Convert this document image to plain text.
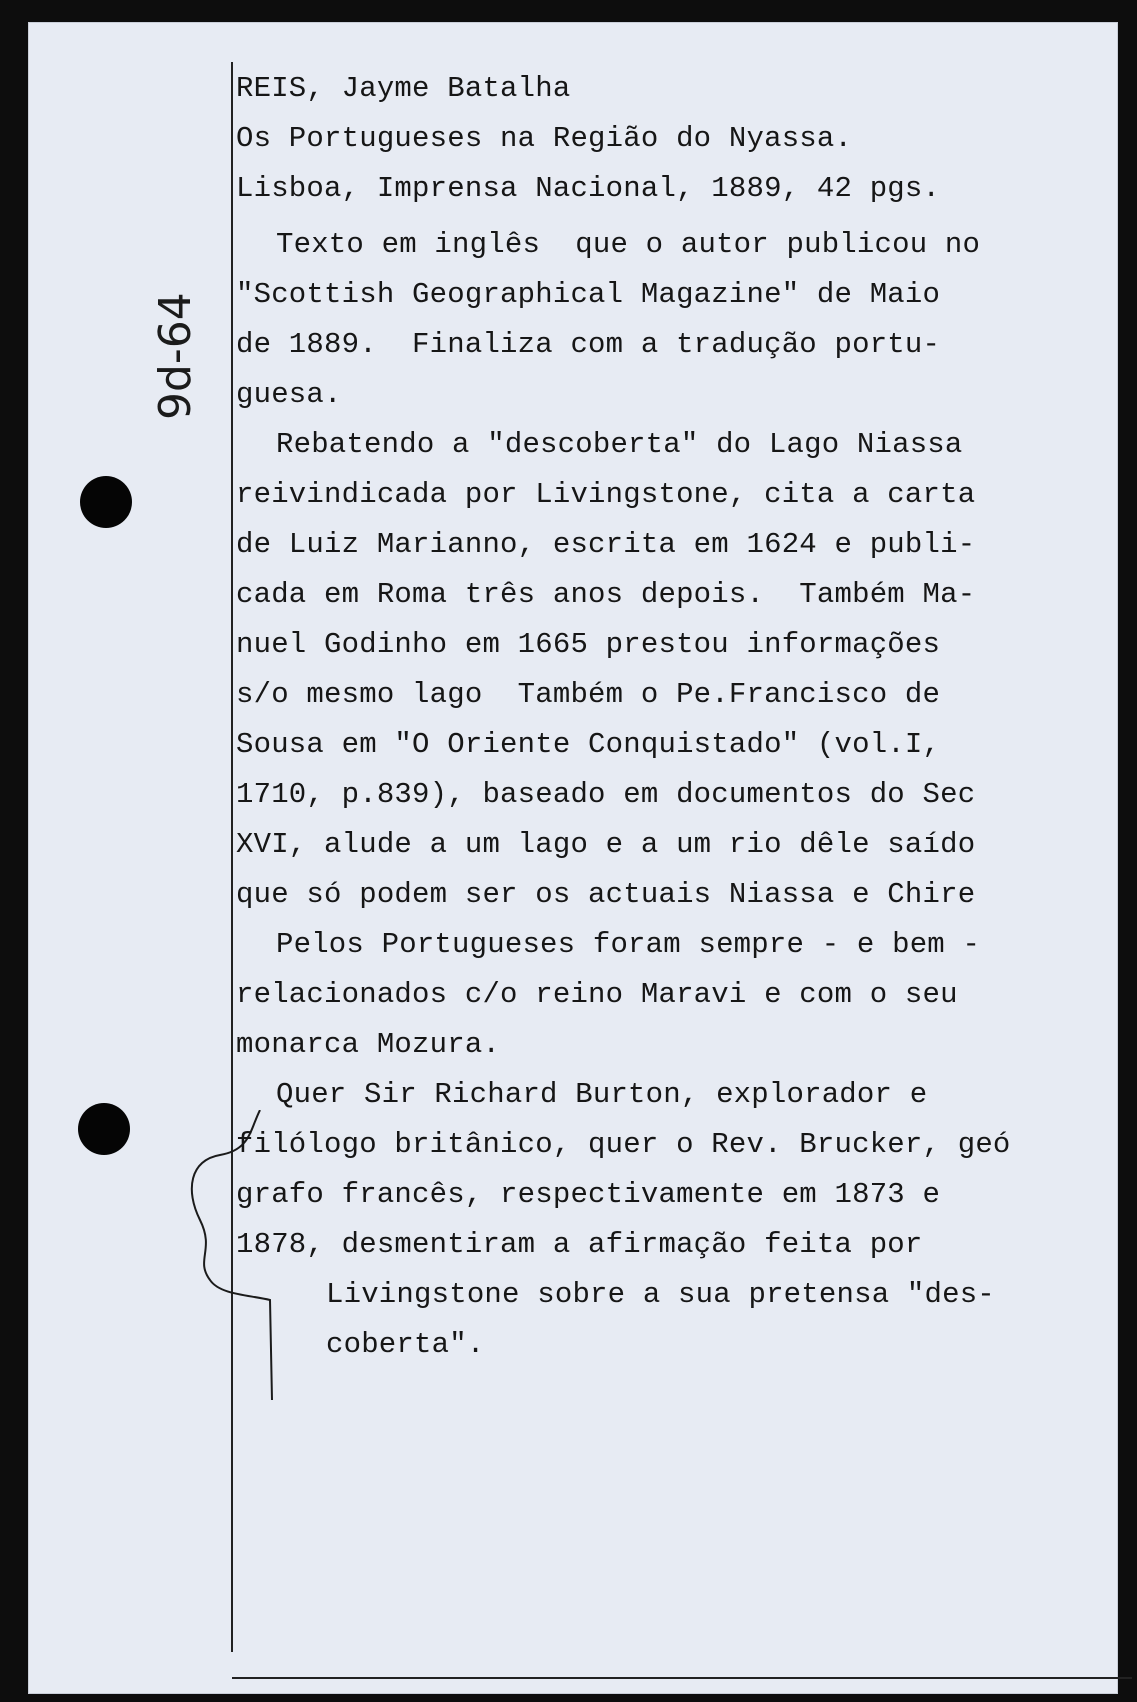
9d-64
REIS, Jayme Batalha
Os Portugueses na Região do Nyassa.
Lisboa, Imprensa Nacional, 1889, 42 pgs.
Texto em inglês  que o autor publicou no
"Scottish Geographical Magazine" de Maio
de 1889.  Finaliza com a tradução portu-
guesa.
Rebatendo a "descoberta" do Lago Niassa
reivindicada por Livingstone, cita a carta
de Luiz Marianno, escrita em 1624 e publi-
cada em Roma três anos depois.  Também Ma-
nuel Godinho em 1665 prestou informações
s/o mesmo lago  Também o Pe.Francisco de
Sousa em "O Oriente Conquistado" (vol.I,
1710, p.839), baseado em documentos do Sec
XVI, alude a um lago e a um rio dêle saído
que só podem ser os actuais Niassa e Chire
Pelos Portugueses foram sempre - e bem -
relacionados c/o reino Maravi e com o seu
monarca Mozura.
Quer Sir Richard Burton, explorador e
filólogo britânico, quer o Rev. Brucker, geó
grafo francês, respectivamente em 1873 e
1878, desmentiram a afirmação feita por
Livingstone sobre a sua pretensa "des-
coberta".
